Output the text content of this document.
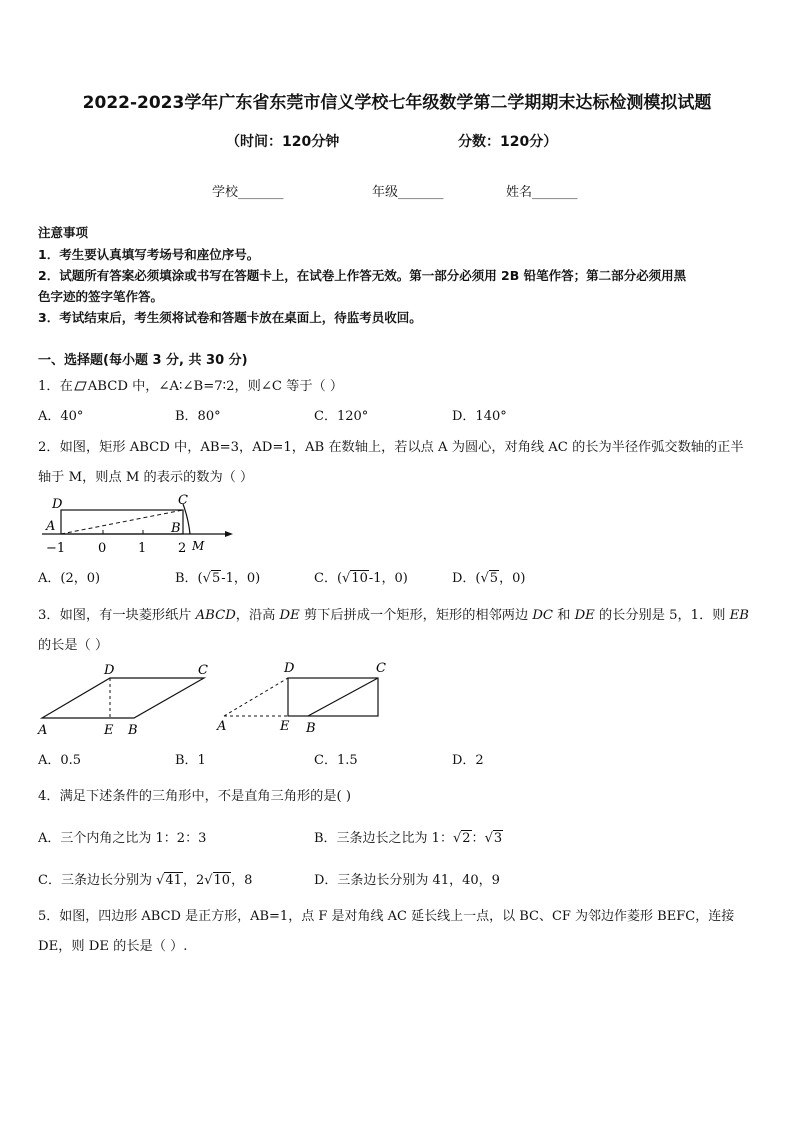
2022-2023学年广东省东莞市信义学校七年级数学第二学期期末达标检测模拟试题
（时间：120分钟	分数：120分）
学校_______	年级_______	姓名_______
注意事项
1．考生要认真填写考场号和座位序号。
2．试题所有答案必须填涂或书写在答题卡上，在试卷上作答无效。第一部分必须用 2B 铅笔作答；第二部分必须用黑
色字迹的签字笔作答。
3．考试结束后，考生须将试卷和答题卡放在桌面上，待监考员收回。
一、选择题(每小题 3 分, 共 30 分)
1．在 ABCD 中，∠A∶∠B=7∶2，则∠C 等于（ ）
A．40°	B．80°	C．120°	D．140°
2．如图，矩形 ABCD 中，AB=3，AD=1，AB 在数轴上，若以点 A 为圆心，对角线 AC 的长为半径作弧交数轴的正半
轴于 M，则点 M 的表示的数为（ ）
D	C
A	B
M
−1	0 1 2
A．(2，0)	B．(√5-1，0)	C．(√10-1，0)	D．(√5，0)
3．如图，有一块菱形纸片 ABCD，沿高 DE 剪下后拼成一个矩形，矩形的相邻两边 DC 和 DE 的长分别是 5，1．则 EB
的长是（ ）
D	C
A	E B
D	C
A	E B
A．0.5	B．1	C．1.5	D．2
4．满足下述条件的三角形中，不是直角三角形的是( )
A．三个内角之比为 1：2：3	B．三条边长之比为 1：√2：√3
C．三条边长分别为 √41，2√10，8	D．三条边长分别为 41，40，9
5．如图，四边形 ABCD 是正方形，AB=1，点 F 是对角线 AC 延长线上一点，以 BC、CF 为邻边作菱形 BEFC，连接
DE，则 DE 的长是（ ）.
